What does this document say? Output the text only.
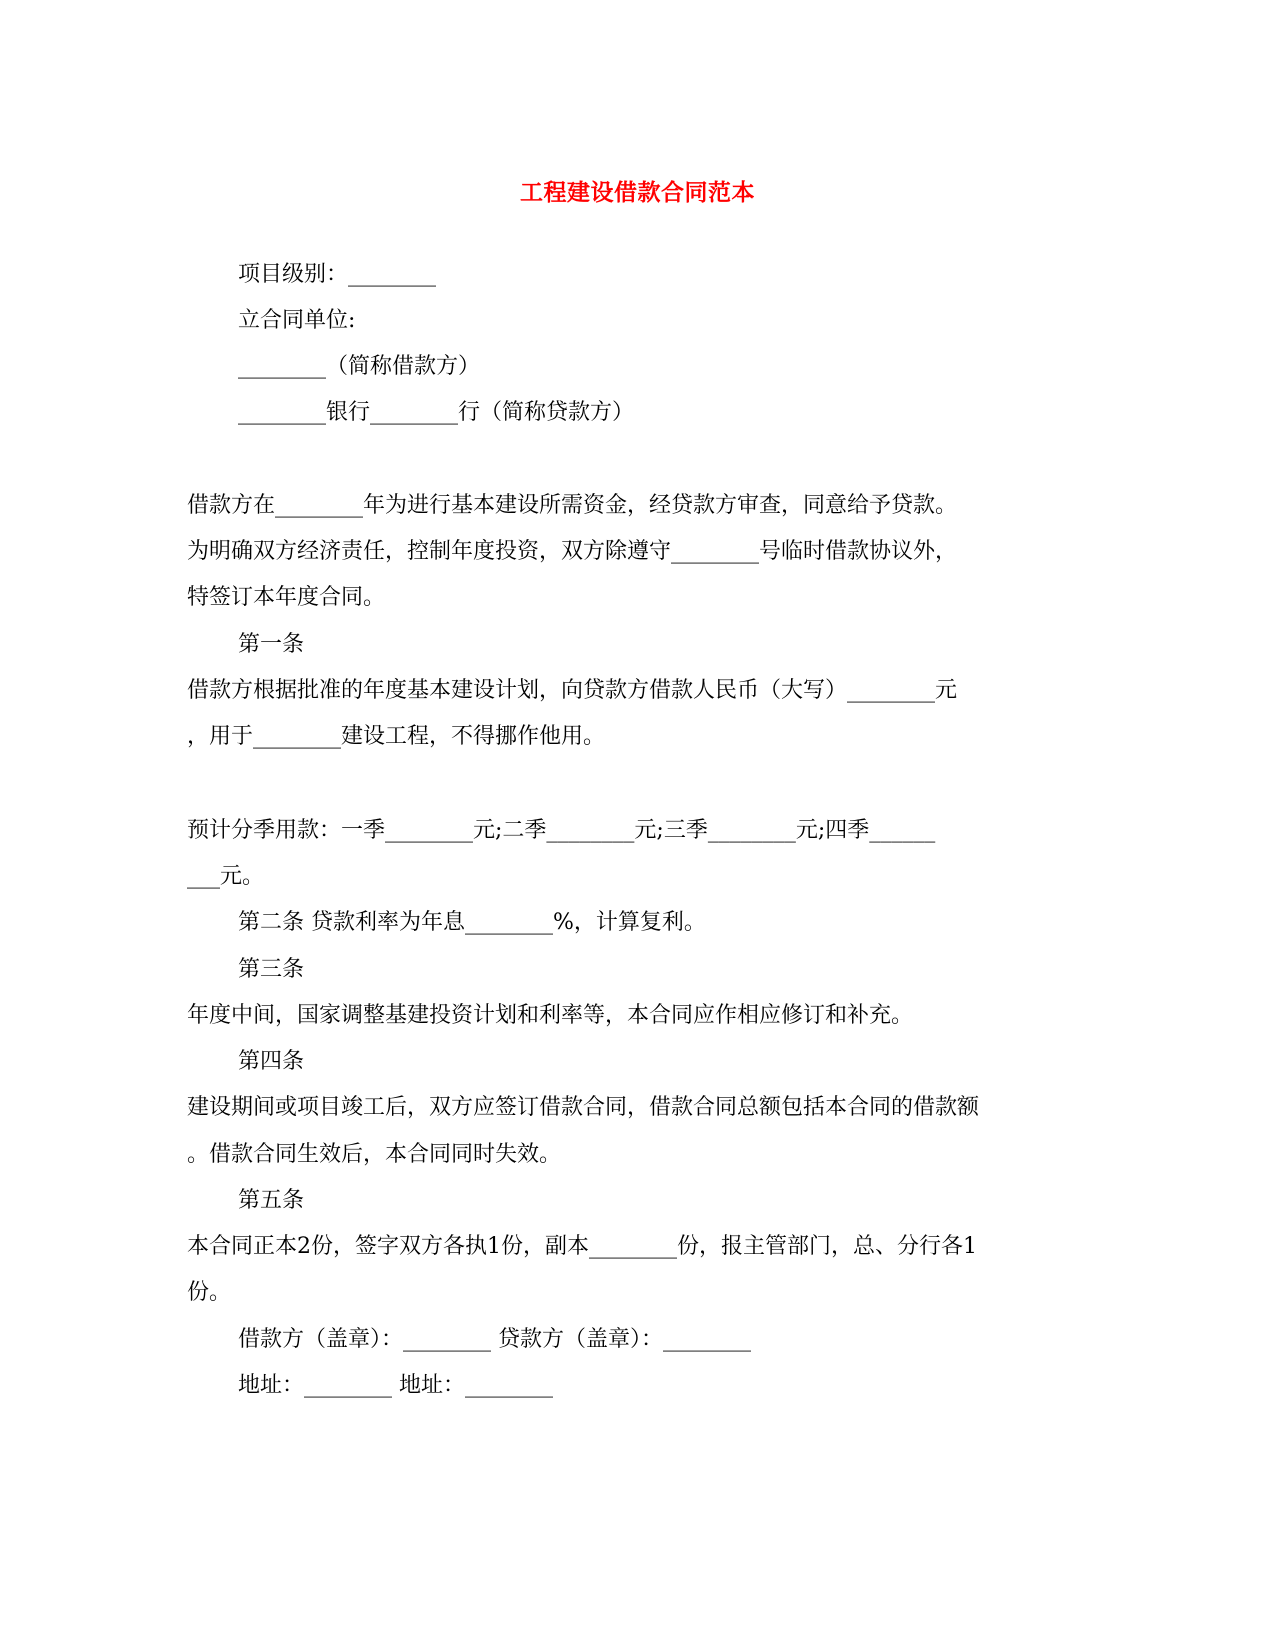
工程建设借款合同范本
项目级别：________
立合同单位:
________（简称借款方）
________银行________行（简称贷款方）
借款方在________年为进行基本建设所需资金，经贷款方审查，同意给予贷款。
为明确双方经济责任，控制年度投资，双方除遵守________号临时借款协议外，
特签订本年度合同。
第一条
借款方根据批准的年度基本建设计划，向贷款方借款人民币（大写）________元
，用于________建设工程，不得挪作他用。
预计分季用款：一季________元;二季________元;三季________元;四季______
___元。
第二条 贷款利率为年息________%，计算复利。
第三条
年度中间，国家调整基建投资计划和利率等，本合同应作相应修订和补充。
第四条
建设期间或项目竣工后，双方应签订借款合同，借款合同总额包括本合同的借款额
。借款合同生效后，本合同同时失效。
第五条
本合同正本2份，签字双方各执1份，副本________份，报主管部门，总、分行各1
份。
借款方（盖章）：________ 贷款方（盖章）：________
地址：________ 地址：________
